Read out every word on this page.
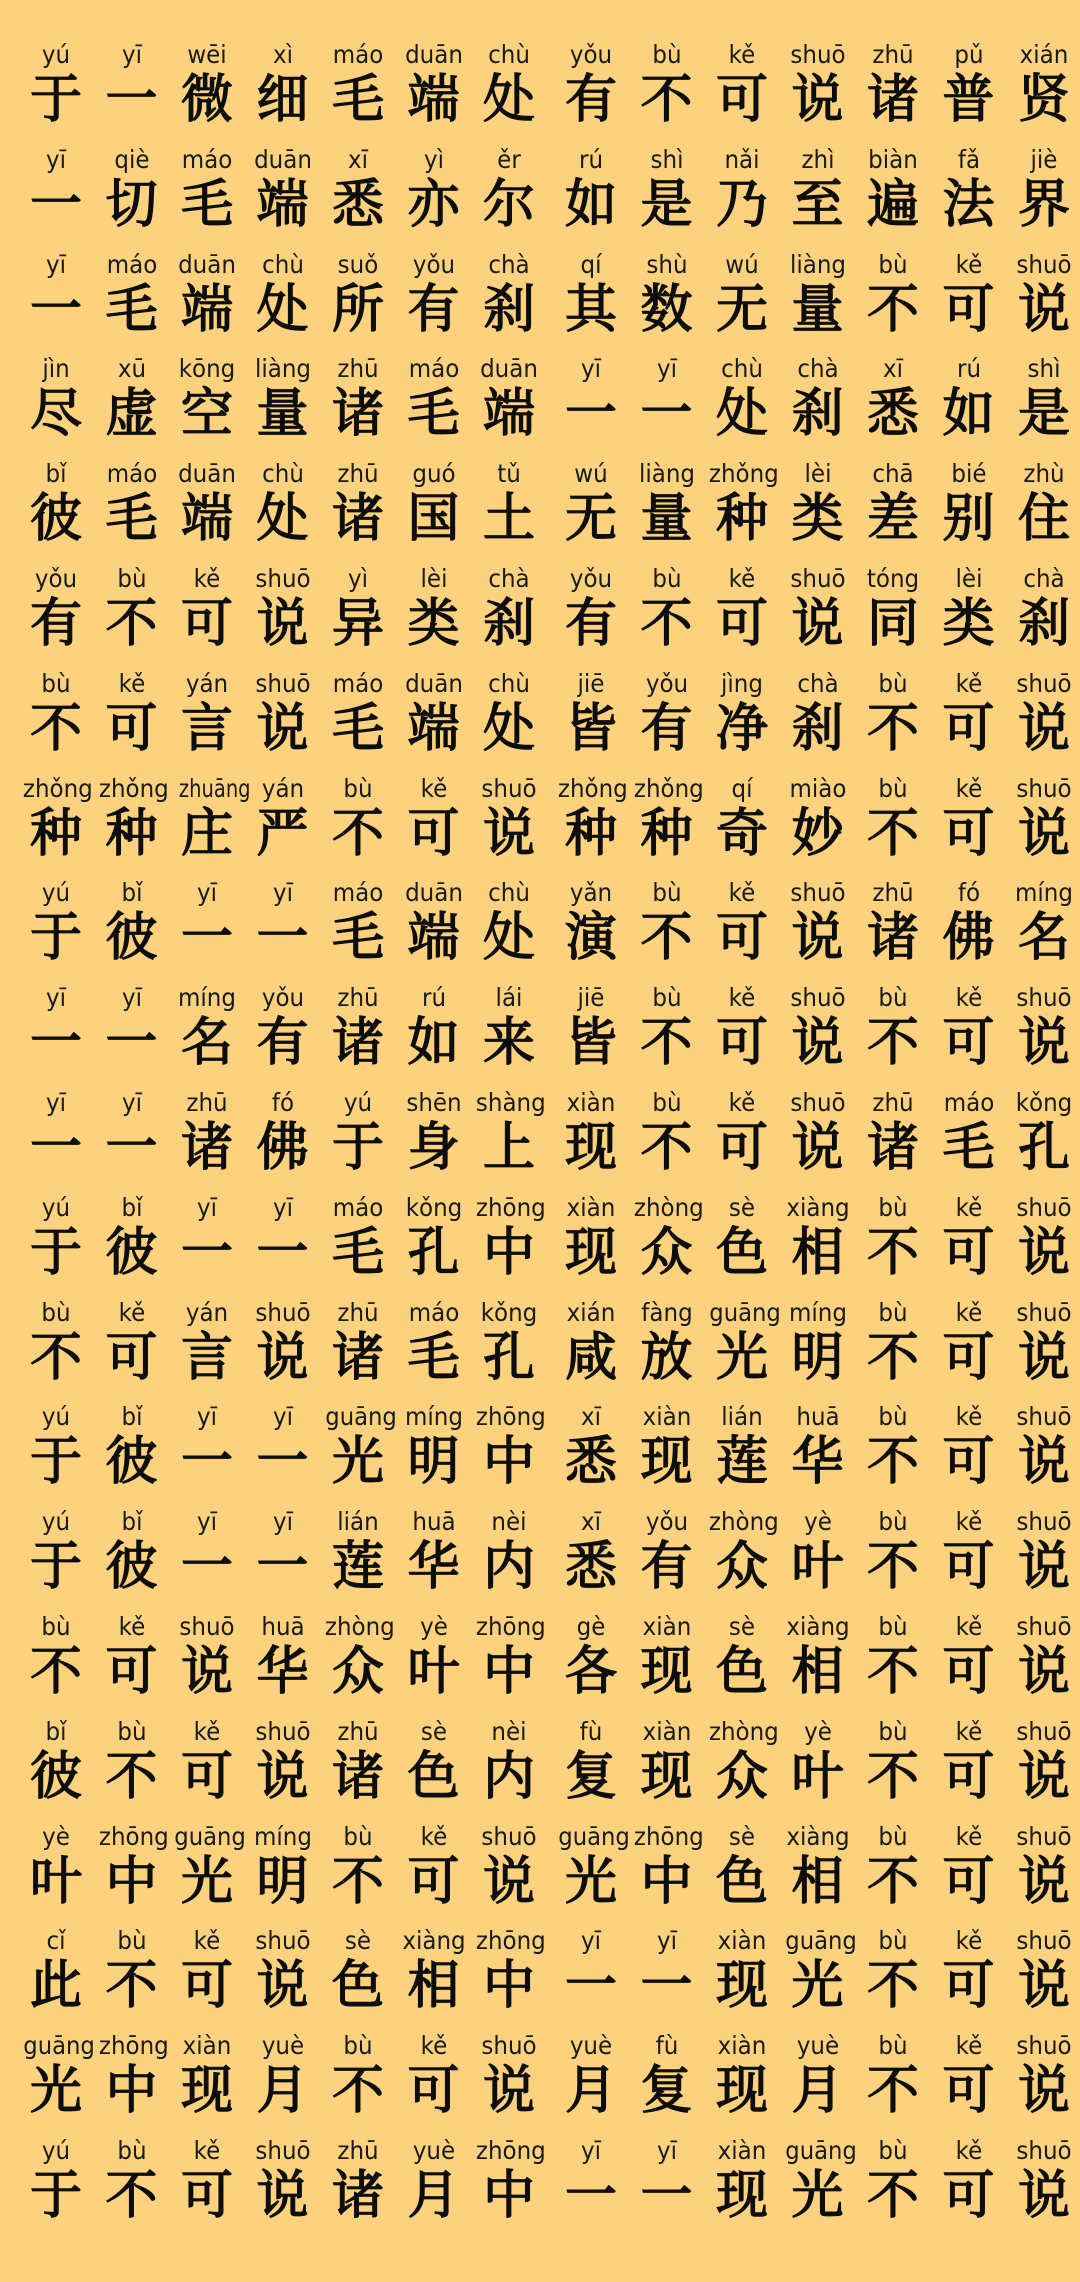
yú
于
yī
一
wēi
微
xì
细
máo
毛
duān
端
chù
处
yī
一
qiè
切
máo
毛
duān
端
xī
悉
yì
亦
ěr
尔
yī
一
máo
毛
duān
端
chù
处
suǒ
所
yǒu
有
chà
刹
jìn
尽
xū
虚
kōng
空
liàng
量
zhū
诸
máo
毛
duān
端
bǐ
彼
máo
毛
duān
端
chù
处
zhū
诸
guó
国
tǔ
土
yǒu
有
bù
不
kě
可
shuō
说
yì
异
lèi
类
chà
刹
bù
不
kě
可
yán
言
shuō
说
máo
毛
duān
端
chù
处
zhǒng
种
zhǒng
种
zhuāng
庄
yán
严
bù
不
kě
可
shuō
说
yú
于
bǐ
彼
yī
一
yī
一
máo
毛
duān
端
chù
处
yī
一
yī
一
míng
名
yǒu
有
zhū
诸
rú
如
lái
来
yī
一
yī
一
zhū
诸
fó
佛
yú
于
shēn
身
shàng
上
yú
于
bǐ
彼
yī
一
yī
一
máo
毛
kǒng
孔
zhōng
中
bù
不
kě
可
yán
言
shuō
说
zhū
诸
máo
毛
kǒng
孔
yú
于
bǐ
彼
yī
一
yī
一
guāng
光
míng
明
zhōng
中
yú
于
bǐ
彼
yī
一
yī
一
lián
莲
huā
华
nèi
内
bù
不
kě
可
shuō
说
huā
华
zhòng
众
yè
叶
zhōng
中
bǐ
彼
bù
不
kě
可
shuō
说
zhū
诸
sè
色
nèi
内
yè
叶
zhōng
中
guāng
光
míng
明
bù
不
kě
可
shuō
说
cǐ
此
bù
不
kě
可
shuō
说
sè
色
xiàng
相
zhōng
中
guāng
光
zhōng
中
xiàn
现
yuè
月
bù
不
kě
可
shuō
说
yú
于
bù
不
kě
可
shuō
说
zhū
诸
yuè
月
zhōng
中
yǒu
有
bù
不
kě
可
shuō
说
zhū
诸
pǔ
普
xián
贤
rú
如
shì
是
nǎi
乃
zhì
至
biàn
遍
fǎ
法
jiè
界
qí
其
shù
数
wú
无
liàng
量
bù
不
kě
可
shuō
说
yī
一
yī
一
chù
处
chà
刹
xī
悉
rú
如
shì
是
wú
无
liàng
量
zhǒng
种
lèi
类
chā
差
bié
别
zhù
住
yǒu
有
bù
不
kě
可
shuō
说
tóng
同
lèi
类
chà
刹
jiē
皆
yǒu
有
jìng
净
chà
刹
bù
不
kě
可
shuō
说
zhǒng
种
zhǒng
种
qí
奇
miào
妙
bù
不
kě
可
shuō
说
yǎn
演
bù
不
kě
可
shuō
说
zhū
诸
fó
佛
míng
名
jiē
皆
bù
不
kě
可
shuō
说
bù
不
kě
可
shuō
说
xiàn
现
bù
不
kě
可
shuō
说
zhū
诸
máo
毛
kǒng
孔
xiàn
现
zhòng
众
sè
色
xiàng
相
bù
不
kě
可
shuō
说
xián
咸
fàng
放
guāng
光
míng
明
bù
不
kě
可
shuō
说
xī
悉
xiàn
现
lián
莲
huā
华
bù
不
kě
可
shuō
说
xī
悉
yǒu
有
zhòng
众
yè
叶
bù
不
kě
可
shuō
说
gè
各
xiàn
现
sè
色
xiàng
相
bù
不
kě
可
shuō
说
fù
复
xiàn
现
zhòng
众
yè
叶
bù
不
kě
可
shuō
说
guāng
光
zhōng
中
sè
色
xiàng
相
bù
不
kě
可
shuō
说
yī
一
yī
一
xiàn
现
guāng
光
bù
不
kě
可
shuō
说
yuè
月
fù
复
xiàn
现
yuè
月
bù
不
kě
可
shuō
说
yī
一
yī
一
xiàn
现
guāng
光
bù
不
kě
可
shuō
说
